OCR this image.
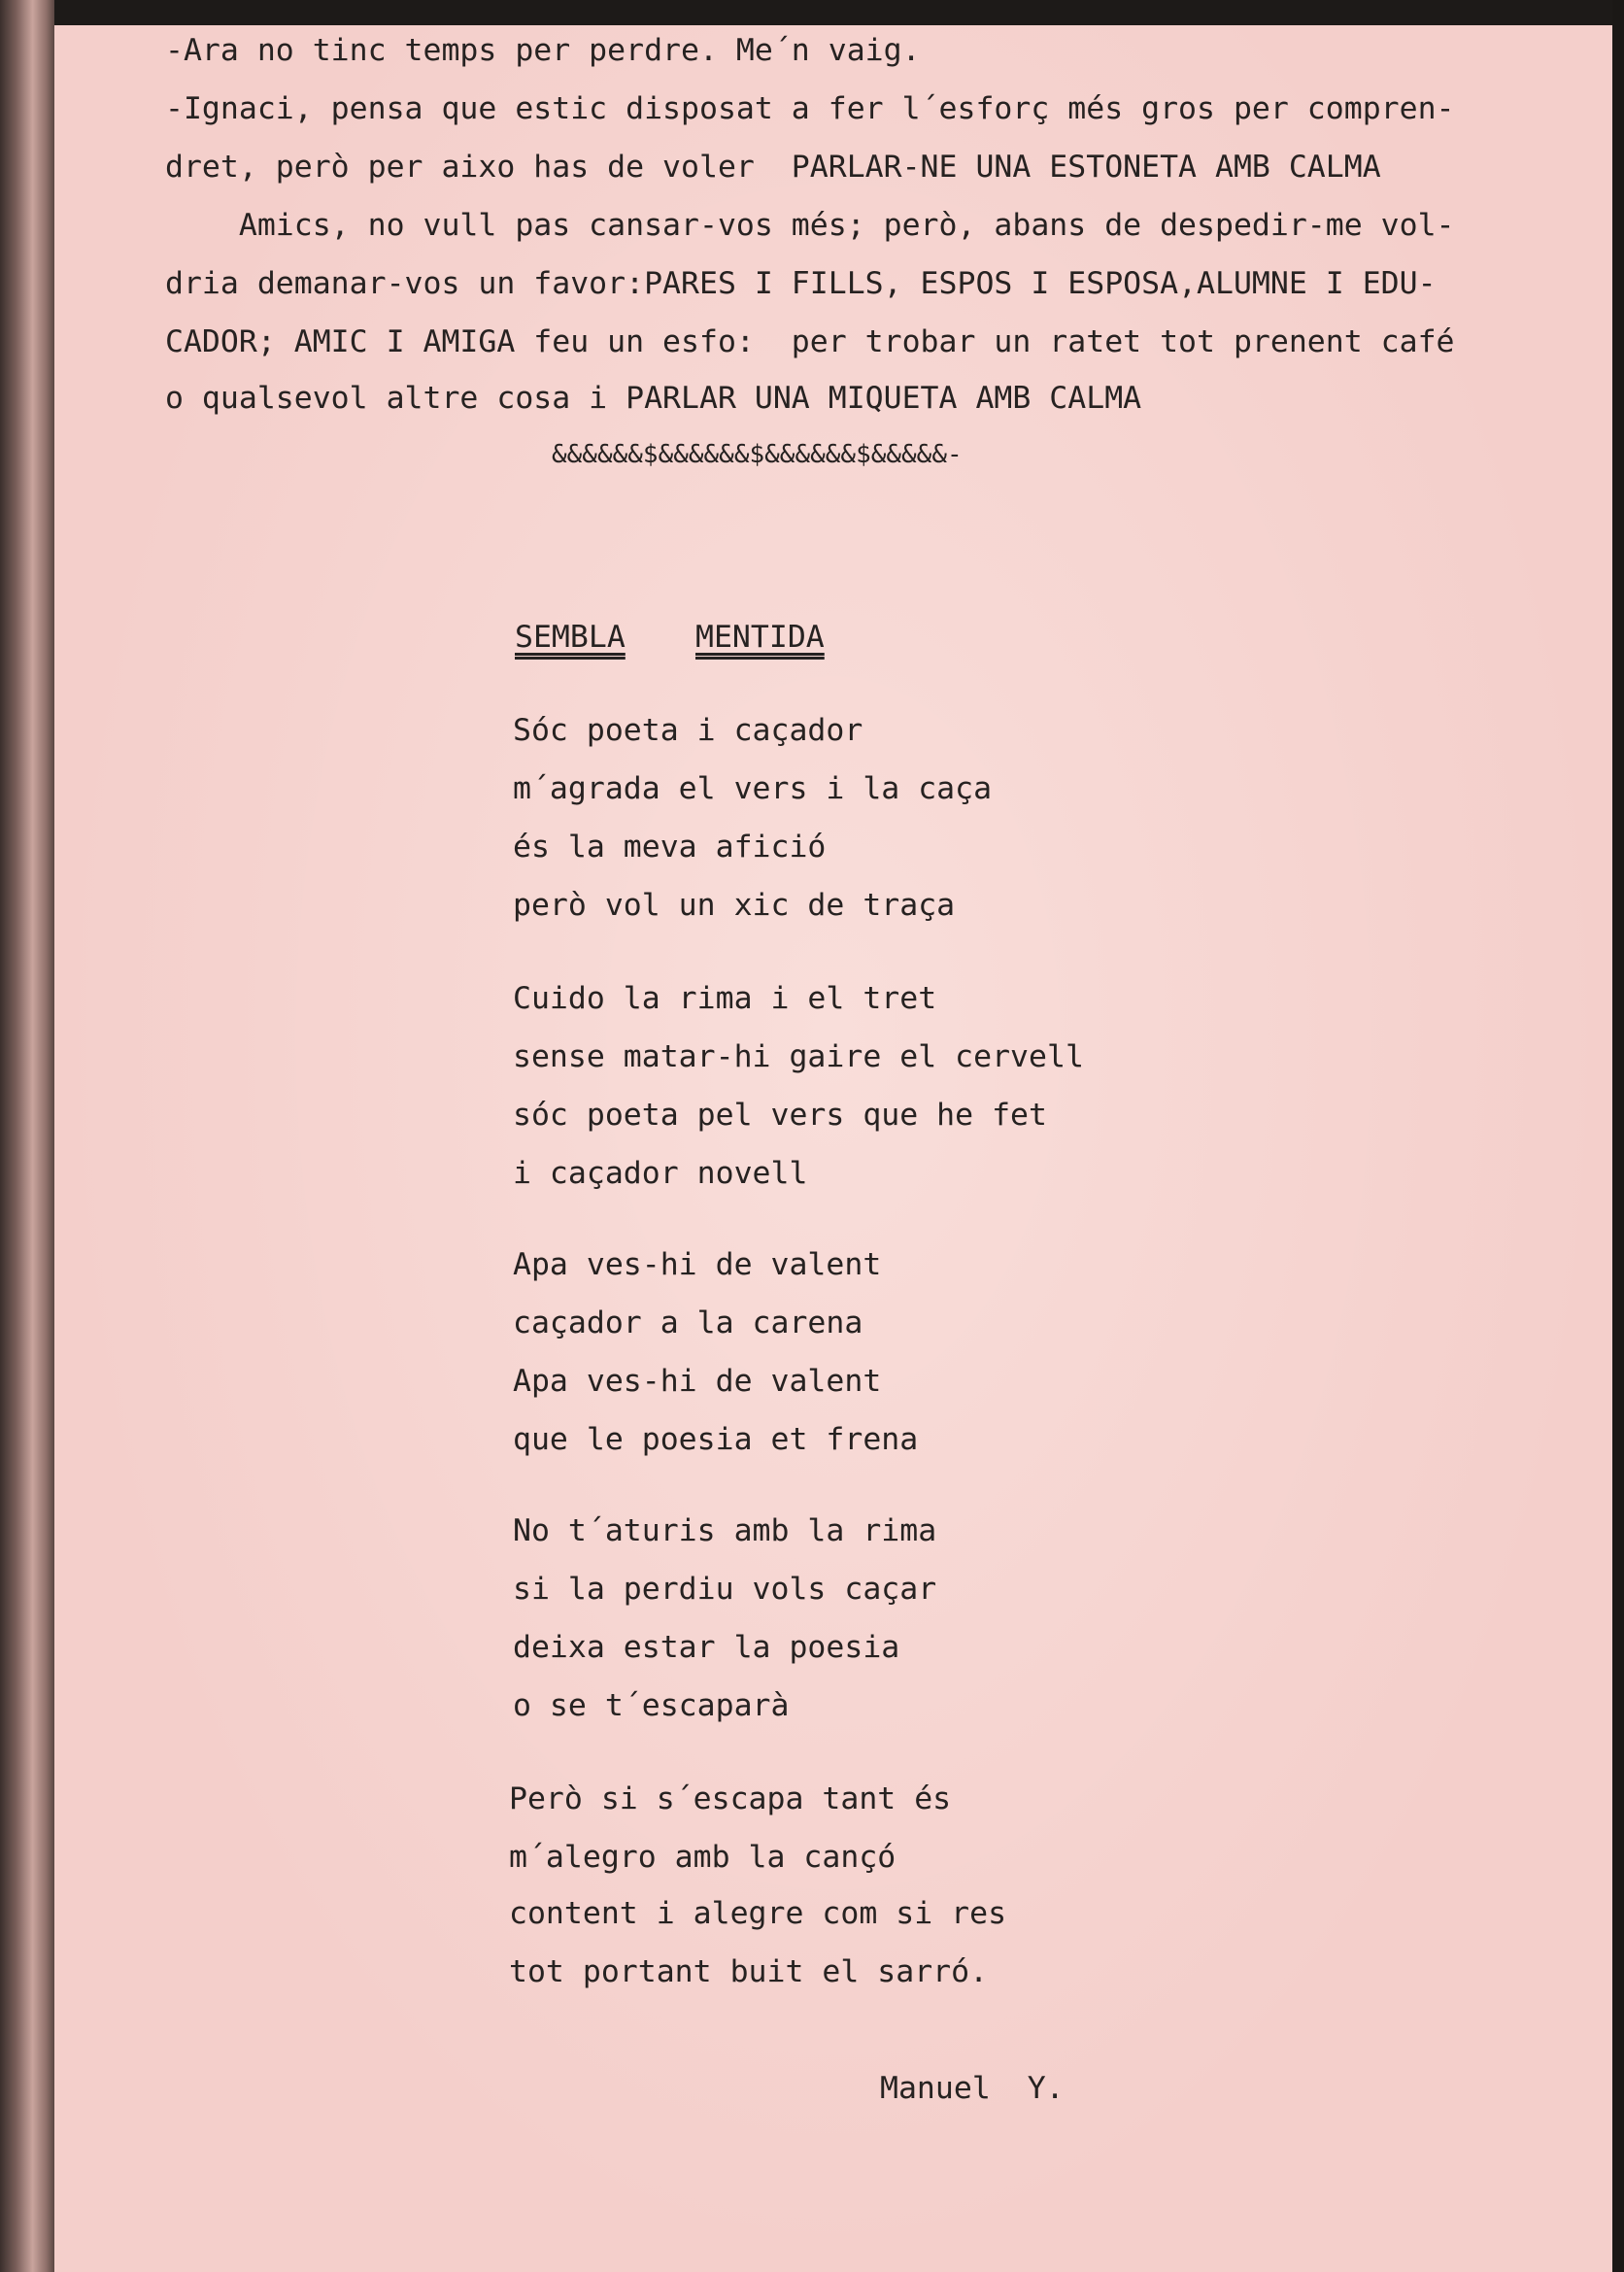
-Ara no tinc temps per perdre. Me´n vaig.
-Ignaci, pensa que estic disposat a fer l´esforç més gros per compren-
dret, però per aixo has de voler  PARLAR-NE UNA ESTONETA AMB CALMA
Amics, no vull pas cansar-vos més; però, abans de despedir-me vol-
dria demanar-vos un favor:PARES I FILLS, ESPOS I ESPOSA,ALUMNE I EDU-
CADOR; AMIC I AMIGA feu un esfo:  per trobar un ratet tot prenent café
o qualsevol altre cosa i PARLAR UNA MIQUETA AMB CALMA
&&&&&&$&&&&&&$&&&&&&$&&&&&-
SEMBLA MENTIDA
Sóc poeta i caçador
m´agrada el vers i la caça
és la meva afició
però vol un xic de traça
Cuido la rima i el tret
sense matar-hi gaire el cervell
sóc poeta pel vers que he fet
i caçador novell
Apa ves-hi de valent
caçador a la carena
Apa ves-hi de valent
que le poesia et frena
No t´aturis amb la rima
si la perdiu vols caçar
deixa estar la poesia
o se t´escaparà
Però si s´escapa tant és
m´alegro amb la cançó
content i alegre com si res
tot portant buit el sarró.
Manuel  Y.
